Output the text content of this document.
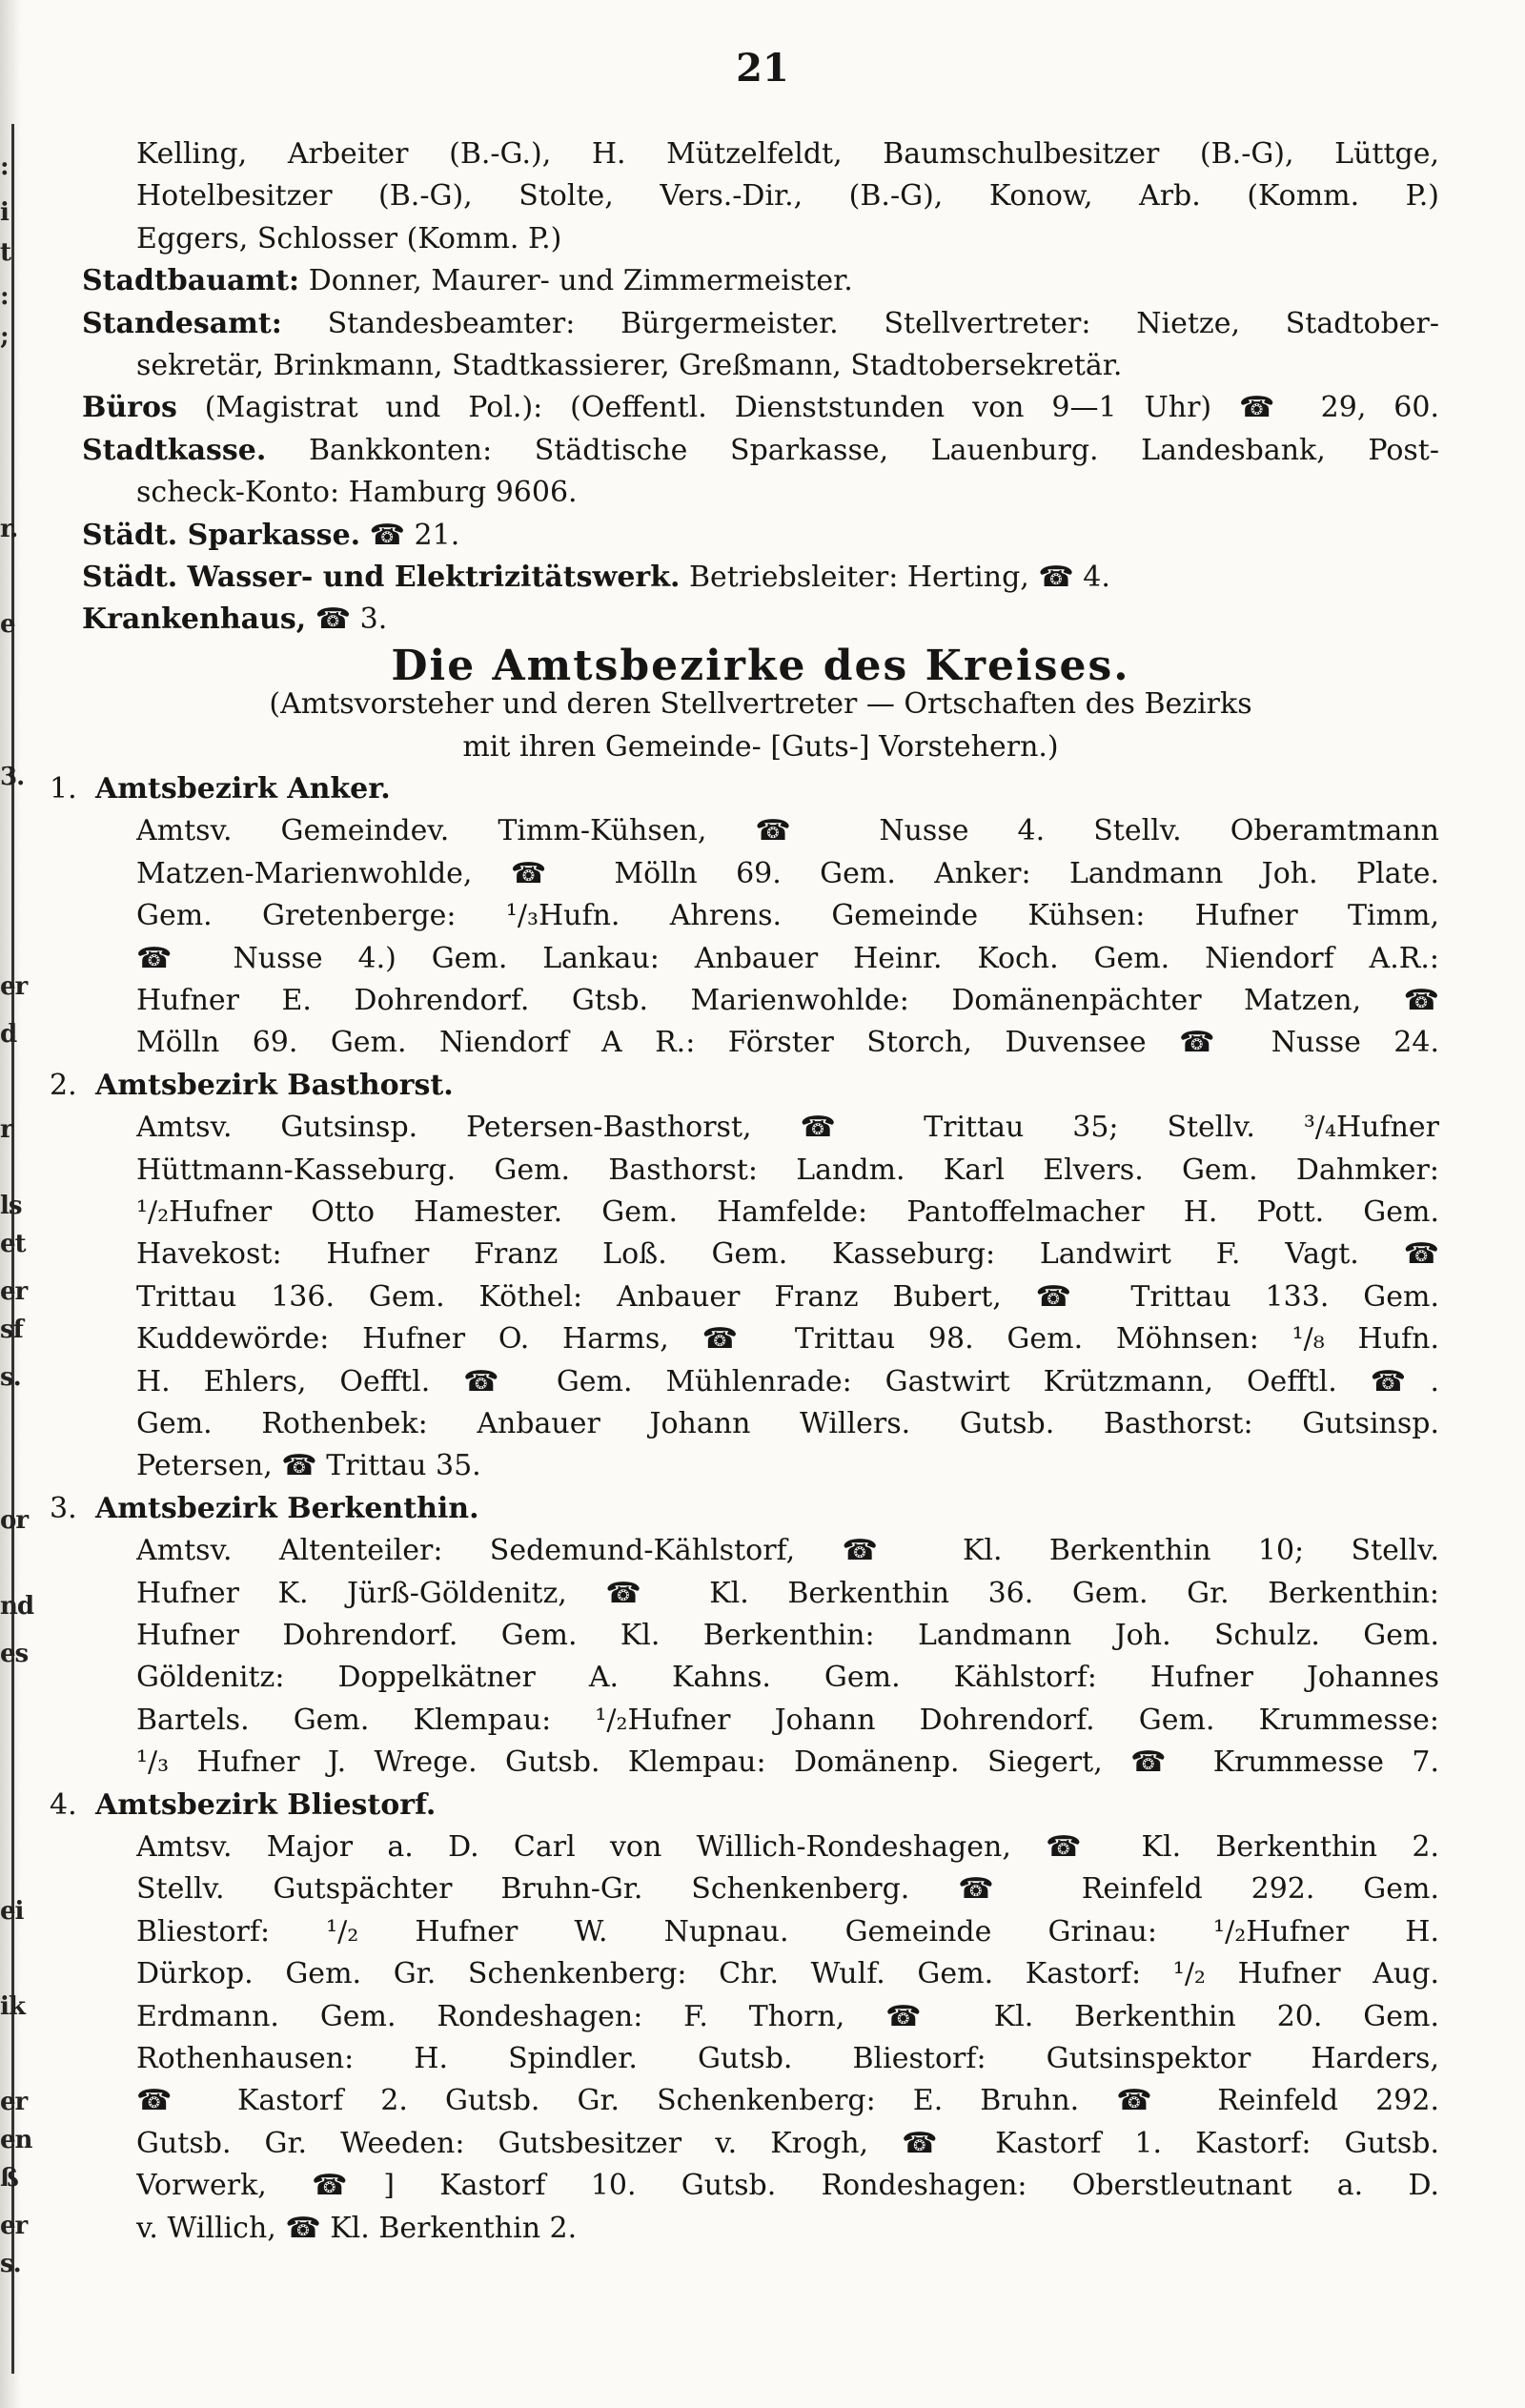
:
i
t
:
;
r.
e
3.
er
d
r
ls
et
er
sf
s.
or
nd
es
ei
ik
er
en
ß
er
s.
21
Kelling, Arbeiter (B.-G.), H. Mützelfeldt, Baumschulbesitzer (B.-G), Lüttge,
Hotelbesitzer (B.-G), Stolte, Vers.-Dir., (B.-G), Konow, Arb. (Komm. P.)
Eggers, Schlosser (Komm. P.)
Stadtbauamt: Donner, Maurer- und Zimmermeister.
Standesamt: Standesbeamter: Bürgermeister. Stellvertreter: Nietze, Stadtober-
sekretär, Brinkmann, Stadtkassierer, Greßmann, Stadtobersekretär.
Büros (Magistrat und Pol.): (Oeffentl. Dienststunden von 9—1 Uhr) ☎ 29, 60.
Stadtkasse. Bankkonten: Städtische Sparkasse, Lauenburg. Landesbank, Post-
scheck-Konto: Hamburg 9606.
Städt. Sparkasse. ☎ 21.
Städt. Wasser- und Elektrizitätswerk. Betriebsleiter: Herting, ☎ 4.
Krankenhaus, ☎ 3.
Die Amtsbezirke des Kreises.
(Amtsvorsteher und deren Stellvertreter — Ortschaften des Bezirks
mit ihren Gemeinde- [Guts-] Vorstehern.)
1. Amtsbezirk Anker.
Amtsv. Gemeindev. Timm-Kühsen, ☎ Nusse 4. Stellv. Oberamtmann
Matzen-Marienwohlde, ☎ Mölln 69. Gem. Anker: Landmann Joh. Plate.
Gem. Gretenberge: ¹/₃Hufn. Ahrens. Gemeinde Kühsen: Hufner Timm,
☎ Nusse 4.) Gem. Lankau: Anbauer Heinr. Koch. Gem. Niendorf A.R.:
Hufner E. Dohrendorf. Gtsb. Marienwohlde: Domänenpächter Matzen, ☎
Mölln 69. Gem. Niendorf A R.: Förster Storch, Duvensee ☎ Nusse 24.
2. Amtsbezirk Basthorst.
Amtsv. Gutsinsp. Petersen-Basthorst, ☎ Trittau 35; Stellv. ³/₄Hufner
Hüttmann-Kasseburg. Gem. Basthorst: Landm. Karl Elvers. Gem. Dahmker:
¹/₂Hufner Otto Hamester. Gem. Hamfelde: Pantoffelmacher H. Pott. Gem.
Havekost: Hufner Franz Loß. Gem. Kasseburg: Landwirt F. Vagt. ☎
Trittau 136. Gem. Köthel: Anbauer Franz Bubert, ☎ Trittau 133. Gem.
Kuddewörde: Hufner O. Harms, ☎ Trittau 98. Gem. Möhnsen: ¹/₈ Hufn.
H. Ehlers, Oefftl. ☎ Gem. Mühlenrade: Gastwirt Krützmann, Oefftl. ☎.
Gem. Rothenbek: Anbauer Johann Willers. Gutsb. Basthorst: Gutsinsp.
Petersen, ☎ Trittau 35.
3. Amtsbezirk Berkenthin.
Amtsv. Altenteiler: Sedemund-Kählstorf, ☎ Kl. Berkenthin 10; Stellv.
Hufner K. Jürß-Göldenitz, ☎ Kl. Berkenthin 36. Gem. Gr. Berkenthin:
Hufner Dohrendorf. Gem. Kl. Berkenthin: Landmann Joh. Schulz. Gem.
Göldenitz: Doppelkätner A. Kahns. Gem. Kählstorf: Hufner Johannes
Bartels. Gem. Klempau: ¹/₂Hufner Johann Dohrendorf. Gem. Krummesse:
¹/₃ Hufner J. Wrege. Gutsb. Klempau: Domänenp. Siegert, ☎ Krummesse 7.
4. Amtsbezirk Bliestorf.
Amtsv. Major a. D. Carl von Willich-Rondeshagen, ☎ Kl. Berkenthin 2.
Stellv. Gutspächter Bruhn-Gr. Schenkenberg. ☎ Reinfeld 292. Gem.
Bliestorf: ¹/₂ Hufner W. Nupnau. Gemeinde Grinau: ¹/₂Hufner H.
Dürkop. Gem. Gr. Schenkenberg: Chr. Wulf. Gem. Kastorf: ¹/₂ Hufner Aug.
Erdmann. Gem. Rondeshagen: F. Thorn, ☎ Kl. Berkenthin 20. Gem.
Rothenhausen: H. Spindler. Gutsb. Bliestorf: Gutsinspektor Harders,
☎ Kastorf 2. Gutsb. Gr. Schenkenberg: E. Bruhn. ☎ Reinfeld 292.
Gutsb. Gr. Weeden: Gutsbesitzer v. Krogh, ☎ Kastorf 1. Kastorf: Gutsb.
Vorwerk, ☎] Kastorf 10. Gutsb. Rondeshagen: Oberstleutnant a. D.
v. Willich, ☎ Kl. Berkenthin 2.
